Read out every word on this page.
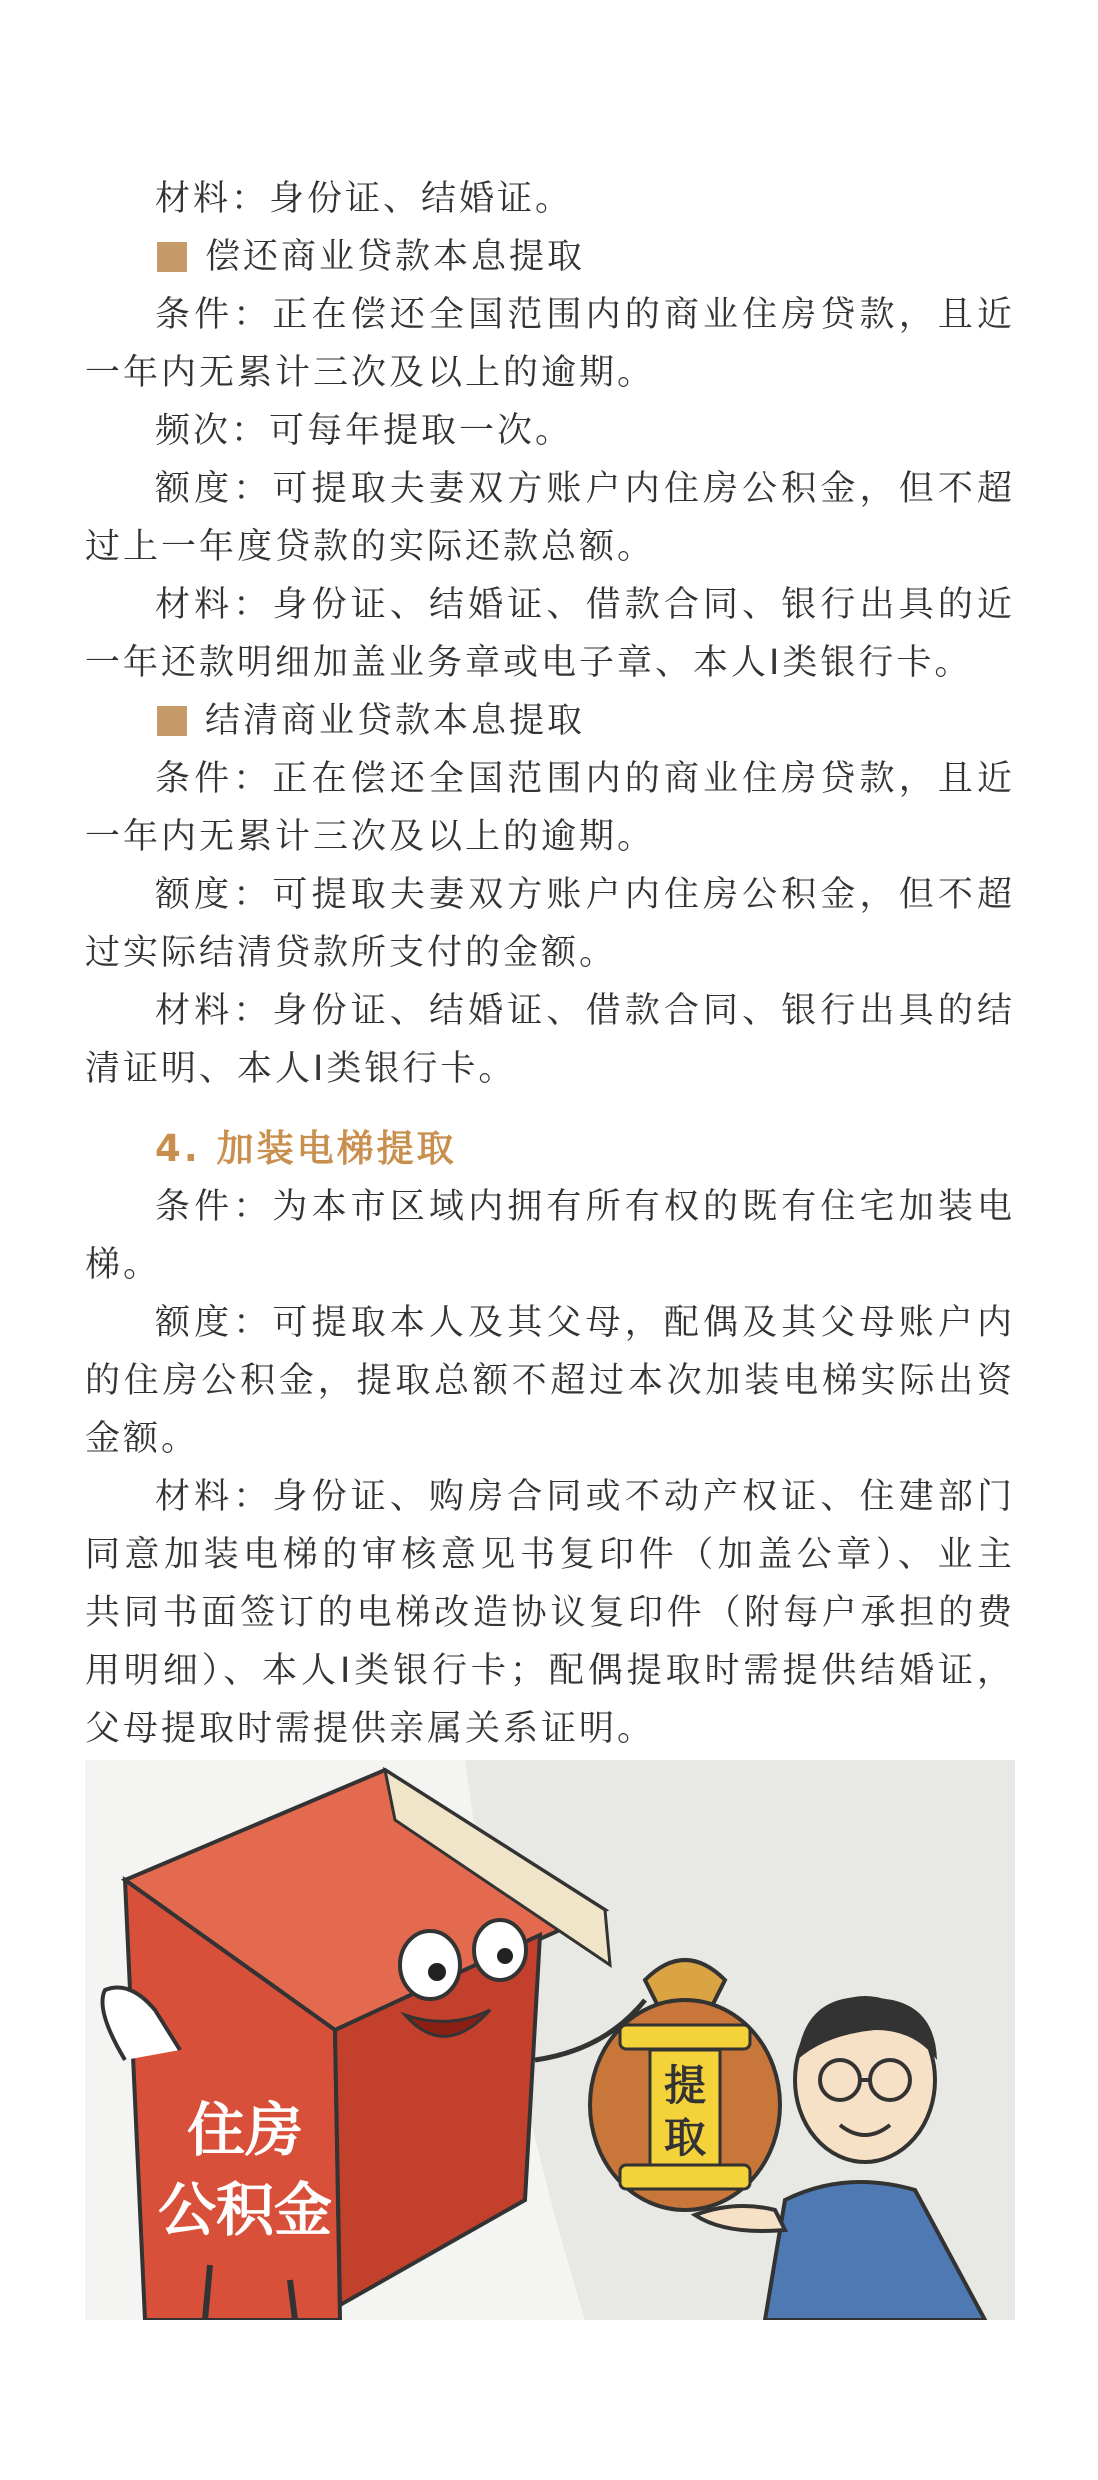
材料：身份证、结婚证。

偿还商业贷款本息提取

条件：正在偿还全国范围内的商业住房贷款，且近一年内无累计三次及以上的逾期。

频次：可每年提取一次。

额度：可提取夫妻双方账户内住房公积金，但不超过上一年度贷款的实际还款总额。

材料：身份证、结婚证、借款合同、银行出具的近一年还款明细加盖业务章或电子章、本人I类银行卡。

结清商业贷款本息提取

条件：正在偿还全国范围内的商业住房贷款，且近一年内无累计三次及以上的逾期。

额度：可提取夫妻双方账户内住房公积金，但不超过实际结清贷款所支付的金额。

材料：身份证、结婚证、借款合同、银行出具的结清证明、本人I类银行卡。

4. 加装电梯提取

条件：为本市区域内拥有所有权的既有住宅加装电梯。

额度：可提取本人及其父母，配偶及其父母账户内的住房公积金，提取总额不超过本次加装电梯实际出资金额。

材料：身份证、购房合同或不动产权证、住建部门同意加装电梯的审核意见书复印件（加盖公章）、业主共同书面签订的电梯改造协议复印件（附每户承担的费用明细）、本人I类银行卡；配偶提取时需提供结婚证，父母提取时需提供亲属关系证明。

住房
公积金
提
取
